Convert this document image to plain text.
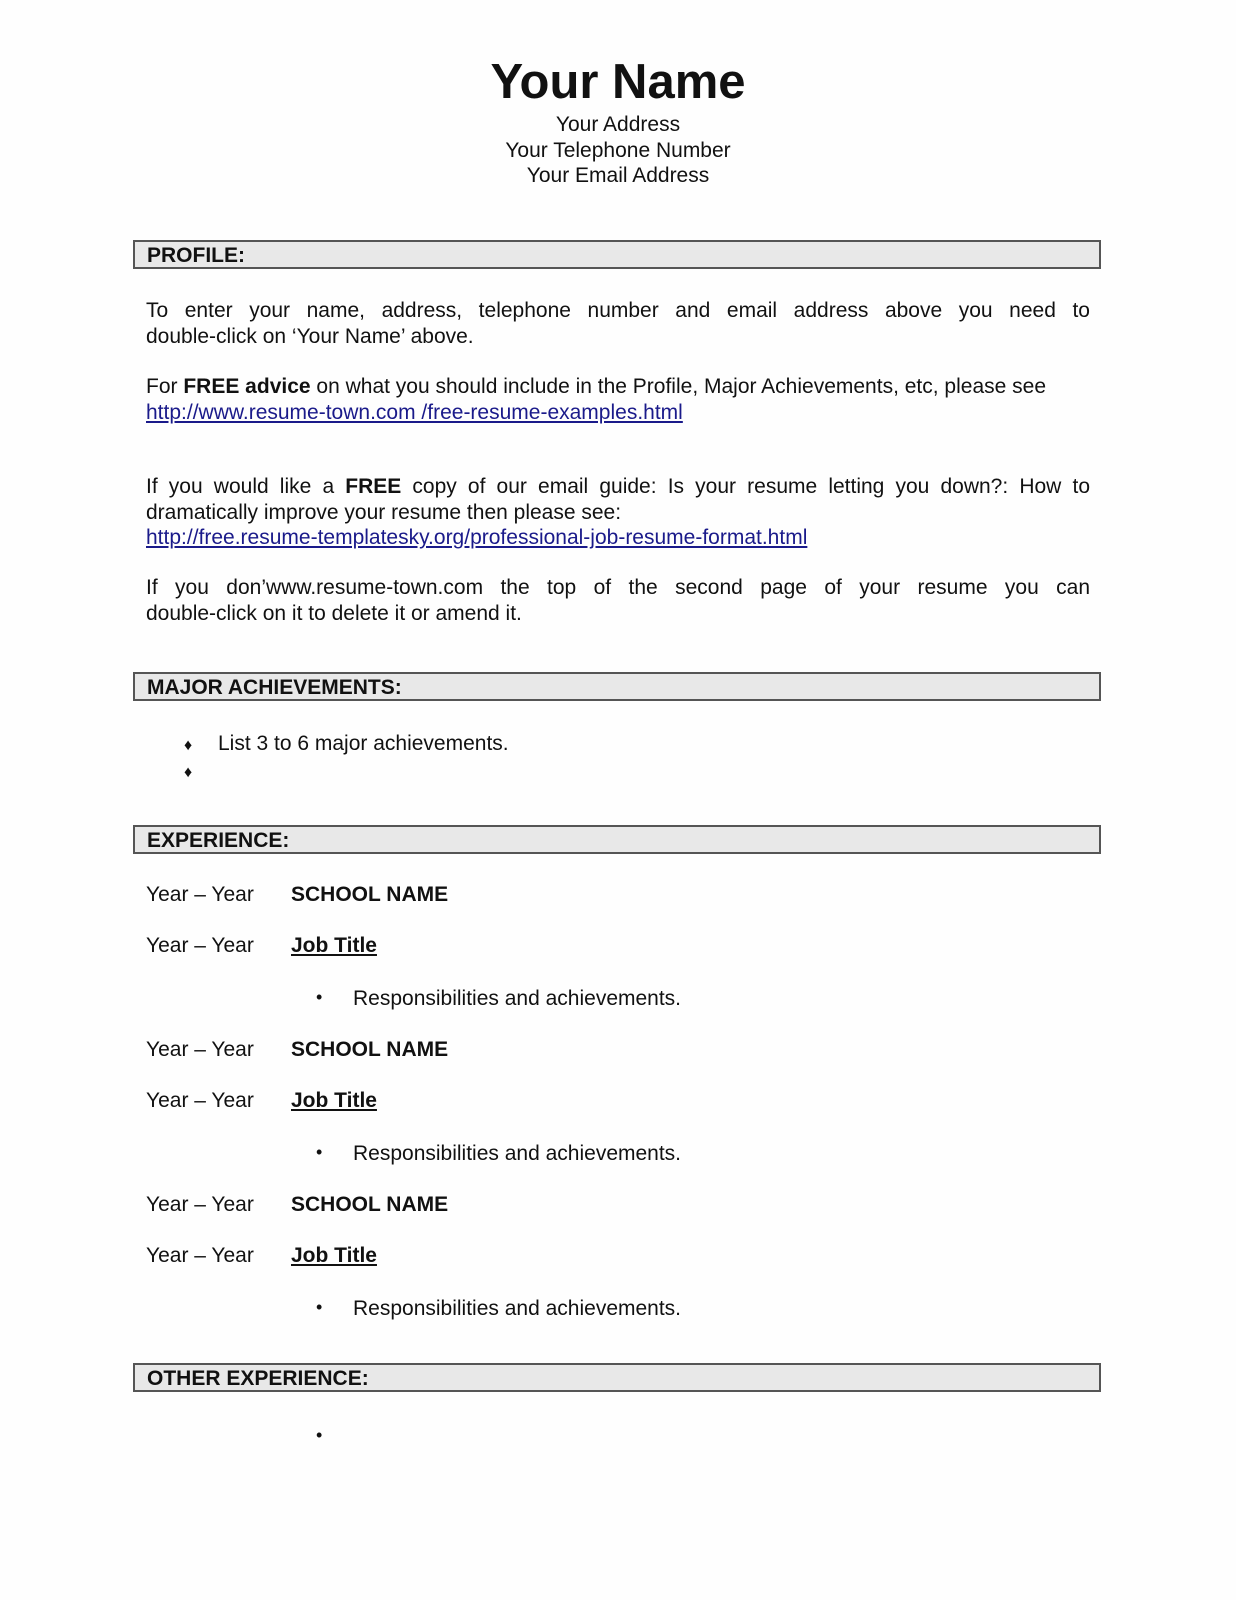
Your Name
Your Address
Your Telephone Number
Your Email Address
PROFILE:
To enter your name, address, telephone number and email address above you need to
double-click on ‘Your Name’ above.
For FREE advice on what you should include in the Profile, Major Achievements, etc, please see
http://www.resume-town.com /free-resume-examples.html
If you would like a FREE copy of our email guide: Is your resume letting you down?: How to
dramatically improve your resume then please see:
http://free.resume-templatesky.org/professional-job-resume-format.html
If you don’www.resume-town.com the top of the second page of your resume you can
double-click on it to delete it or amend it.
MAJOR ACHIEVEMENTS:
♦ List 3 to 6 major achievements.
♦
EXPERIENCE:
Year – Year SCHOOL NAME
Year – Year Job Title
• Responsibilities and achievements.
Year – Year SCHOOL NAME
Year – Year Job Title
• Responsibilities and achievements.
Year – Year SCHOOL NAME
Year – Year Job Title
• Responsibilities and achievements.
OTHER EXPERIENCE:
•
